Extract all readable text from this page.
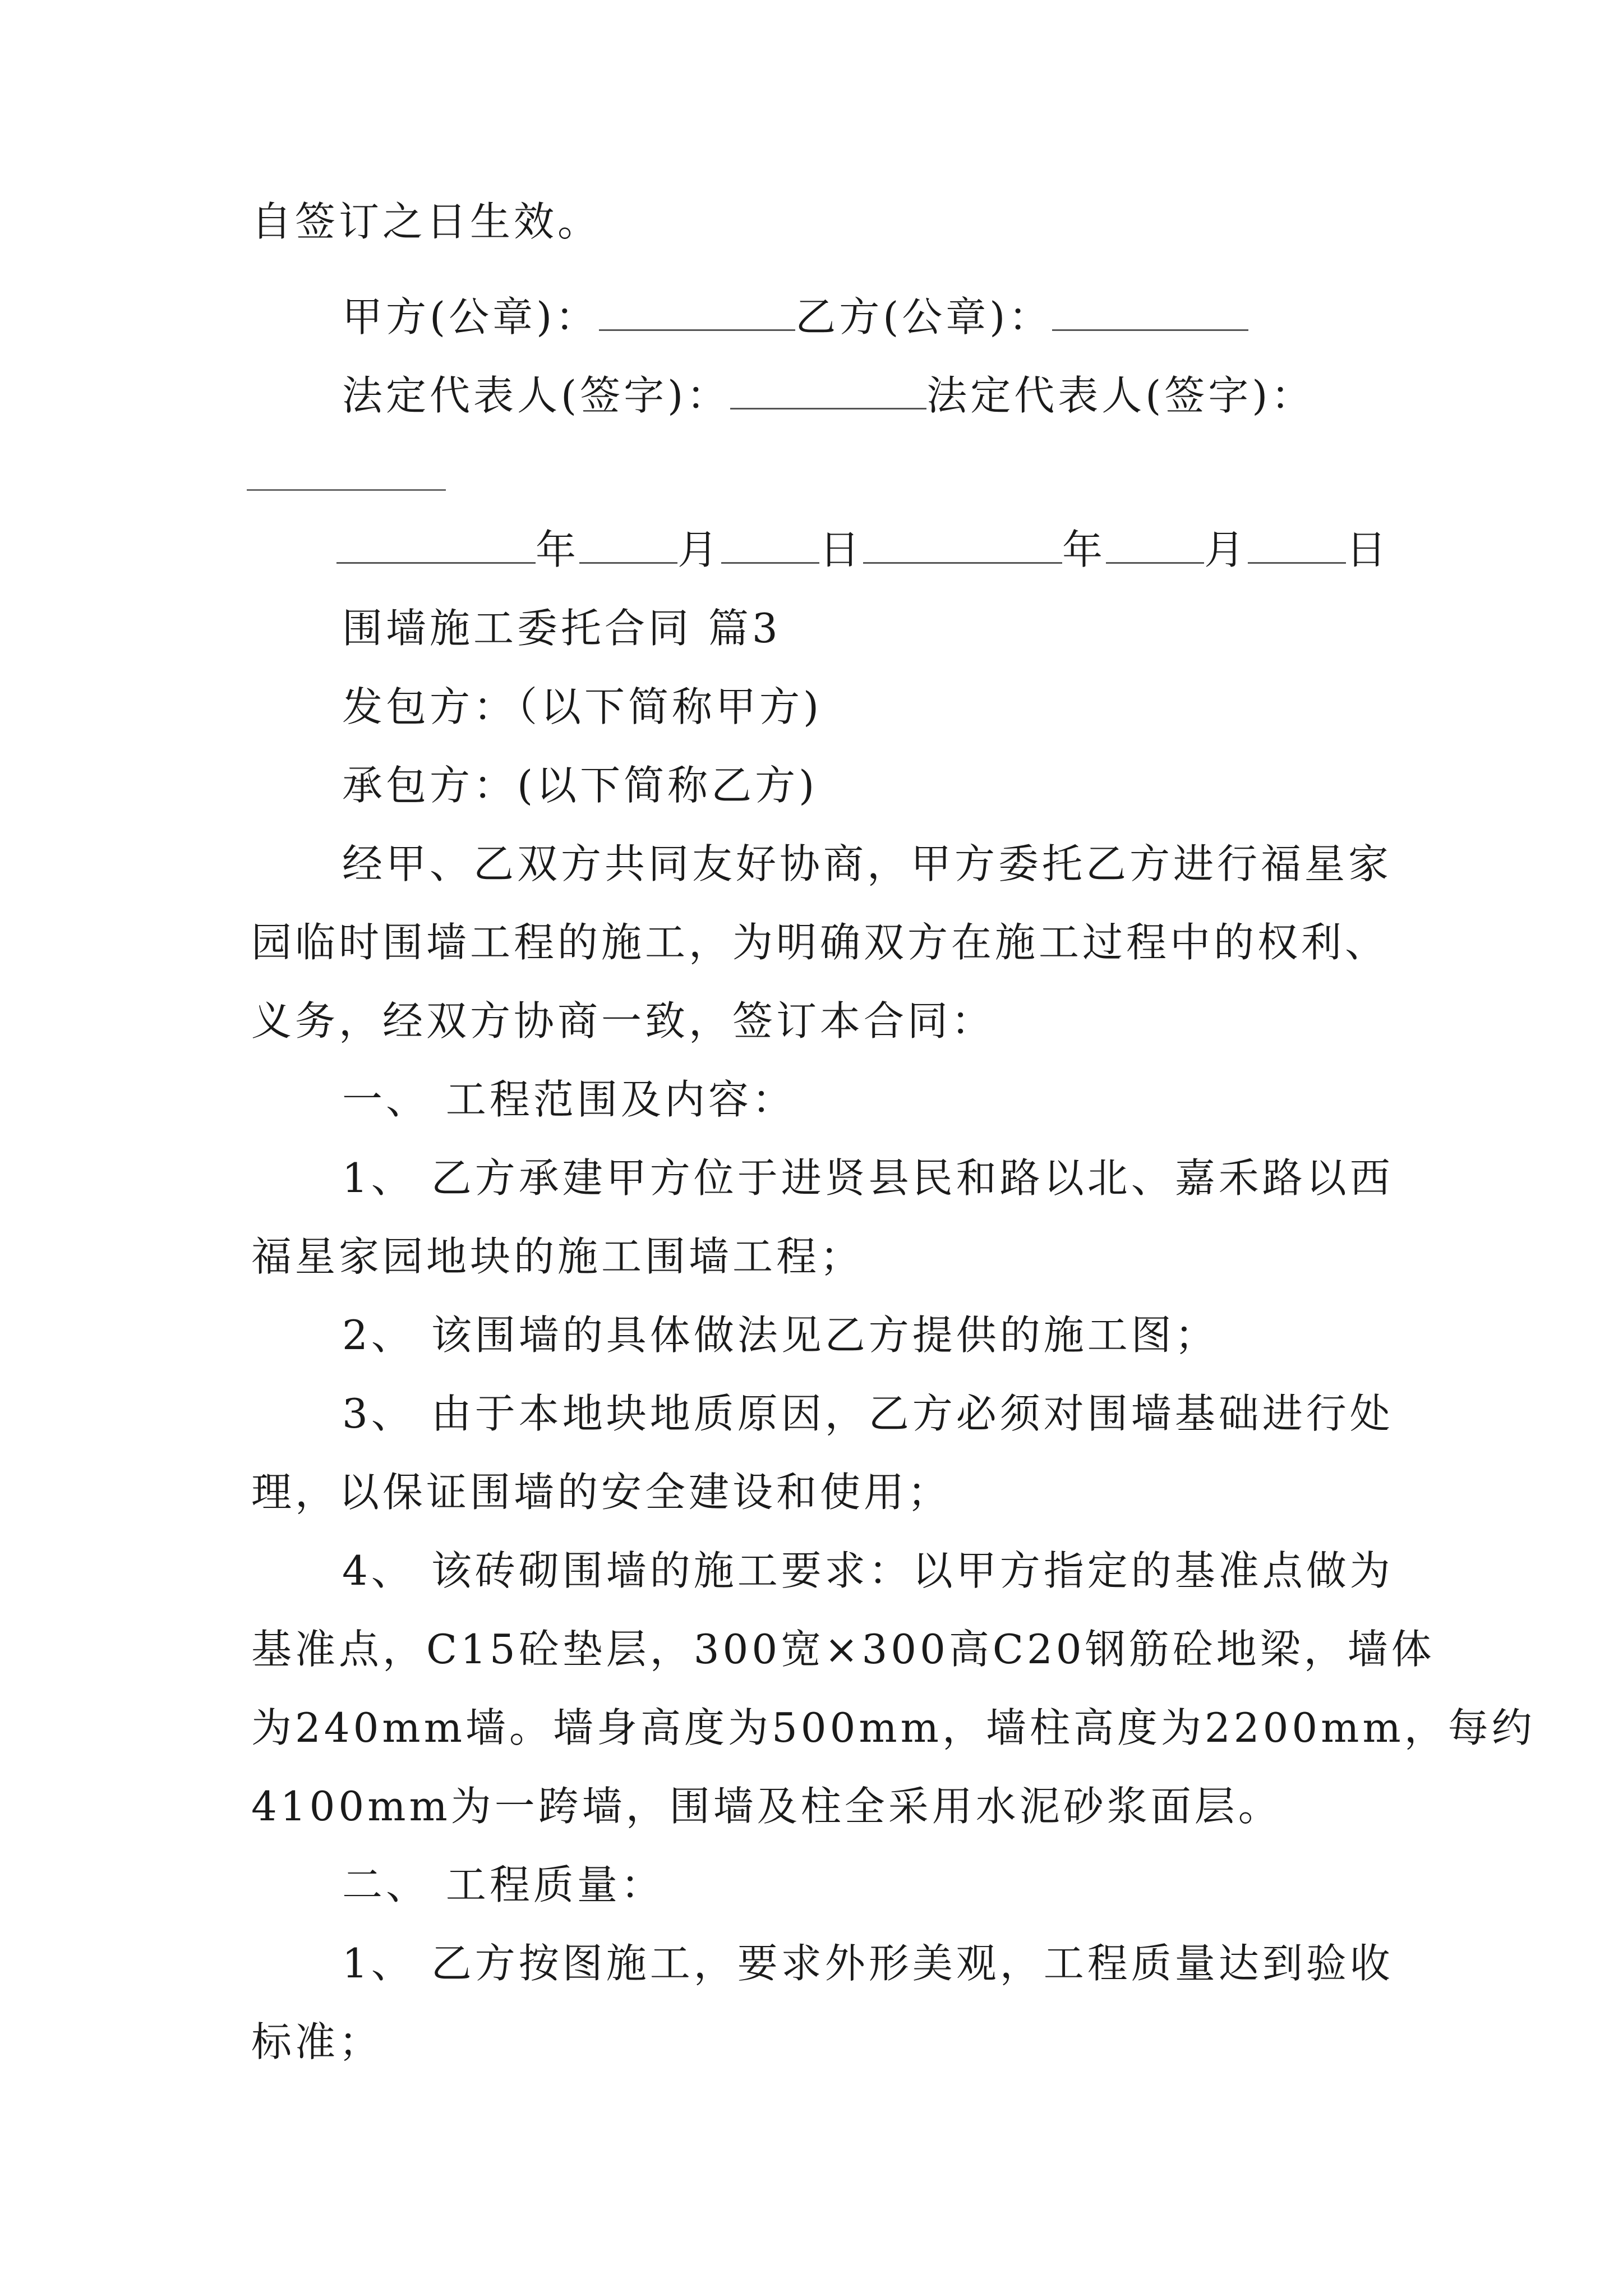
自签订之日生效。
甲方(公章)：	乙方(公章)：
法定代表人(签字)：	法定代表人(签字)：
年 月 日	年 月 日
围墙施工委托合同 篇3
发包方：（以下简称甲方)
承包方：(以下简称乙方)
经甲、乙双方共同友好协商，甲方委托乙方进行福星家
园临时围墙工程的施工，为明确双方在施工过程中的权利、
义务，经双方协商一致，签订本合同：
一、 工程范围及内容：
1、 乙方承建甲方位于进贤县民和路以北、嘉禾路以西
福星家园地块的施工围墙工程；
2、 该围墙的具体做法见乙方提供的施工图；
3、 由于本地块地质原因，乙方必须对围墙基础进行处
理，以保证围墙的安全建设和使用；
4、 该砖砌围墙的施工要求：以甲方指定的基准点做为
基准点，C15砼垫层，300宽×300高C20钢筋砼地梁，墙体
为240mm墙。墙身高度为500mm，墙柱高度为2200mm，每约
4100mm为一跨墙，围墙及柱全采用水泥砂浆面层。
二、 工程质量：
1、 乙方按图施工，要求外形美观，工程质量达到验收
标准；
